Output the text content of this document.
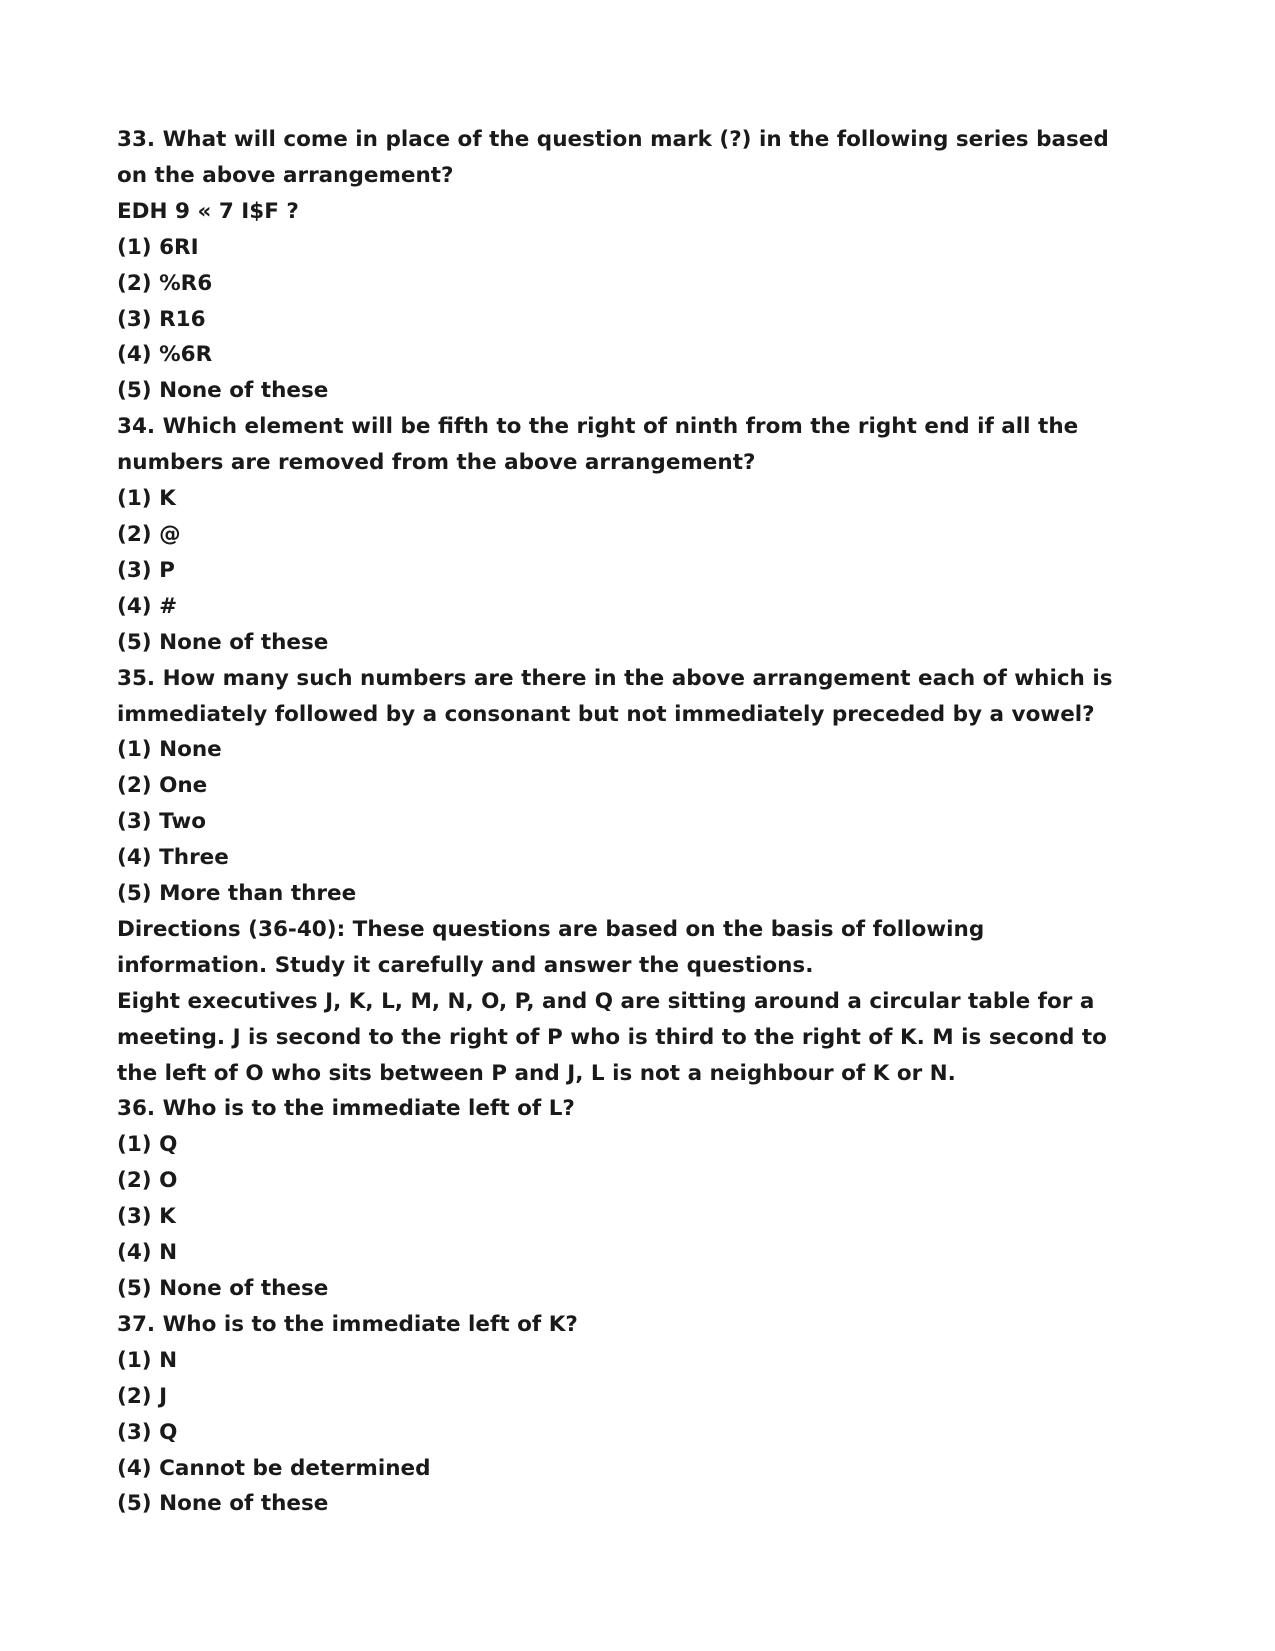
33. What will come in place of the question mark (?) in the following series based

on the above arrangement?

EDH 9 « 7 I$F ?

(1) 6RI

(2) %R6

(3) R16

(4) %6R

(5) None of these

34. Which element will be fifth to the right of ninth from the right end if all the

numbers are removed from the above arrangement?

(1) K

(2) @

(3) P

(4) #

(5) None of these

35. How many such numbers are there in the above arrangement each of which is

immediately followed by a consonant but not immediately preceded by a vowel?

(1) None

(2) One

(3) Two

(4) Three

(5) More than three

Directions (36-40): These questions are based on the basis of following

information. Study it carefully and answer the questions.

Eight executives J, K, L, M, N, O, P, and Q are sitting around a circular table for a

meeting. J is second to the right of P who is third to the right of K. M is second to

the left of O who sits between P and J, L is not a neighbour of K or N.

36. Who is to the immediate left of L?

(1) Q

(2) O

(3) K

(4) N

(5) None of these

37. Who is to the immediate left of K?

(1) N

(2) J

(3) Q

(4) Cannot be determined

(5) None of these
